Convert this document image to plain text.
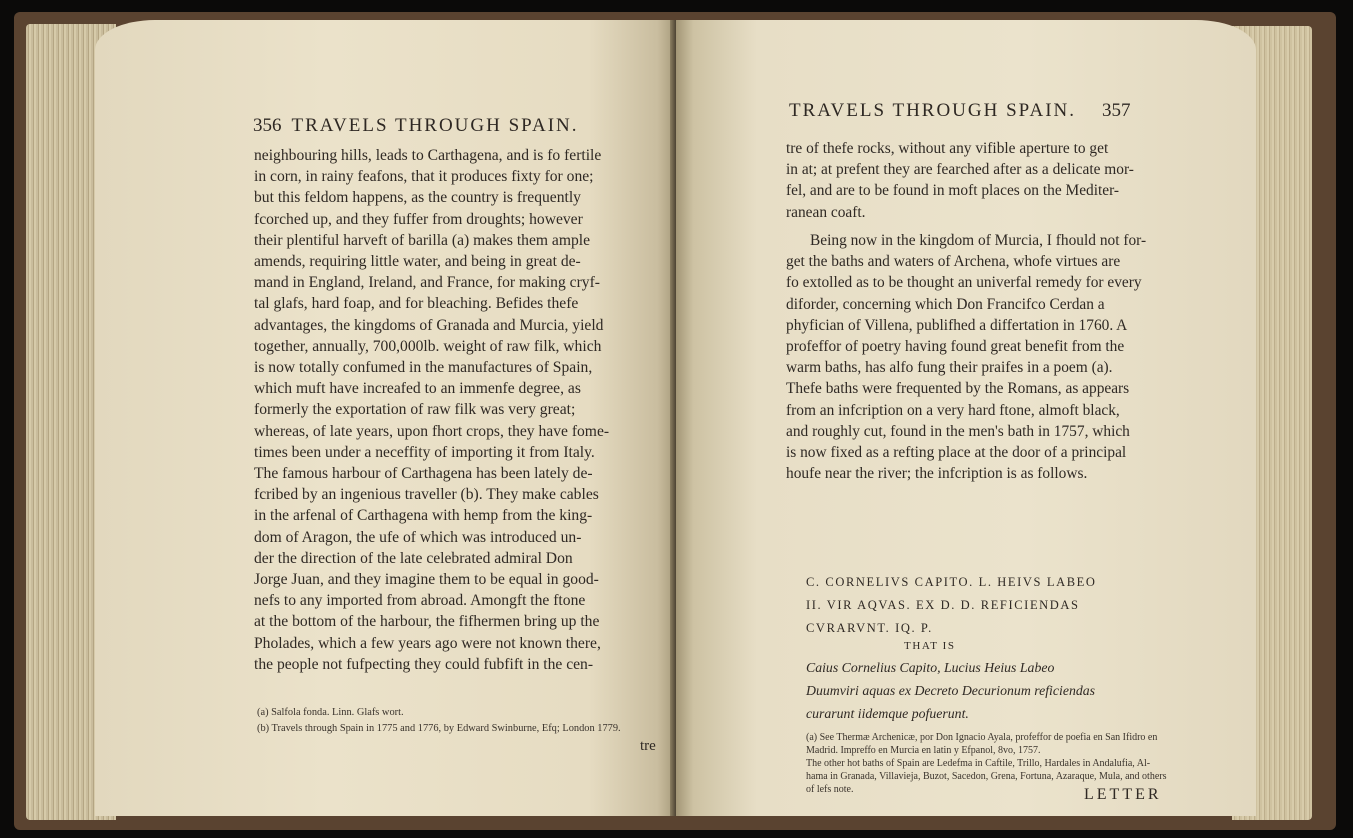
356 TRAVELS THROUGH SPAIN.
neighbouring hills, leads to Carthagena, and is fo fertile
in corn, in rainy feafons, that it produces fixty for one;
but this feldom happens, as the country is frequently
fcorched up, and they fuffer from droughts; however
their plentiful harveft of barilla (a) makes them ample
amends, requiring little water, and being in great de-
mand in England, Ireland, and France, for making cryf-
tal glafs, hard foap, and for bleaching. Befides thefe
advantages, the kingdoms of Granada and Murcia, yield
together, annually, 700,000lb. weight of raw filk, which
is now totally confumed in the manufactures of Spain,
which muft have increafed to an immenfe degree, as
formerly the exportation of raw filk was very great;
whereas, of late years, upon fhort crops, they have fome-
times been under a neceffity of importing it from Italy.
The famous harbour of Carthagena has been lately de-
fcribed by an ingenious traveller (b). They make cables
in the arfenal of Carthagena with hemp from the king-
dom of Aragon, the ufe of which was introduced un-
der the direction of the late celebrated admiral Don
Jorge Juan, and they imagine them to be equal in good-
nefs to any imported from abroad. Amongft the ftone
at the bottom of the harbour, the fifhermen bring up the
Pholades, which a few years ago were not known there,
the people not fufpecting they could fubfift in the cen-
(a) Salfola fonda. Linn. Glafs wort.
(b) Travels through Spain in 1775 and 1776, by Edward Swinburne, Efq; London 1779.
tre
TRAVELS THROUGH SPAIN. 357
tre of thefe rocks, without any vifible aperture to get
in at; at prefent they are fearched after as a delicate mor-
fel, and are to be found in moft places on the Mediter-
ranean coaft.
Being now in the kingdom of Murcia, I fhould not for-
get the baths and waters of Archena, whofe virtues are
fo extolled as to be thought an univerfal remedy for every
diforder, concerning which Don Francifco Cerdan a
phyfician of Villena, publifhed a differtation in 1760. A
profeffor of poetry having found great benefit from the
warm baths, has alfo fung their praifes in a poem (a).
Thefe baths were frequented by the Romans, as appears
from an infcription on a very hard ftone, almoft black,
and roughly cut, found in the men's bath in 1757, which
is now fixed as a refting place at the door of a principal
houfe near the river; the infcription is as follows.
C. CORNELIVS CAPITO. L. HEIVS LABEO
II. VIR AQVAS. EX D. D. REFICIENDAS
CVRARVNT. IQ. P.
THAT IS
Caius Cornelius Capito, Lucius Heius Labeo
Duumviri aquas ex Decreto Decurionum reficiendas
curarunt iidemque pofuerunt.
(a) See Thermæ Archenicæ, por Don Ignacio Ayala, profeffor de poefia en San Ifidro en
Madrid. Impreffo en Murcia en latin y Efpanol, 8vo, 1757.
The other hot baths of Spain are Ledefma in Caftile, Trillo, Hardales in Andalufia, Al-
hama in Granada, Villavieja, Buzot, Sacedon, Grena, Fortuna, Azaraque, Mula, and others
of lefs note.	LETTER
